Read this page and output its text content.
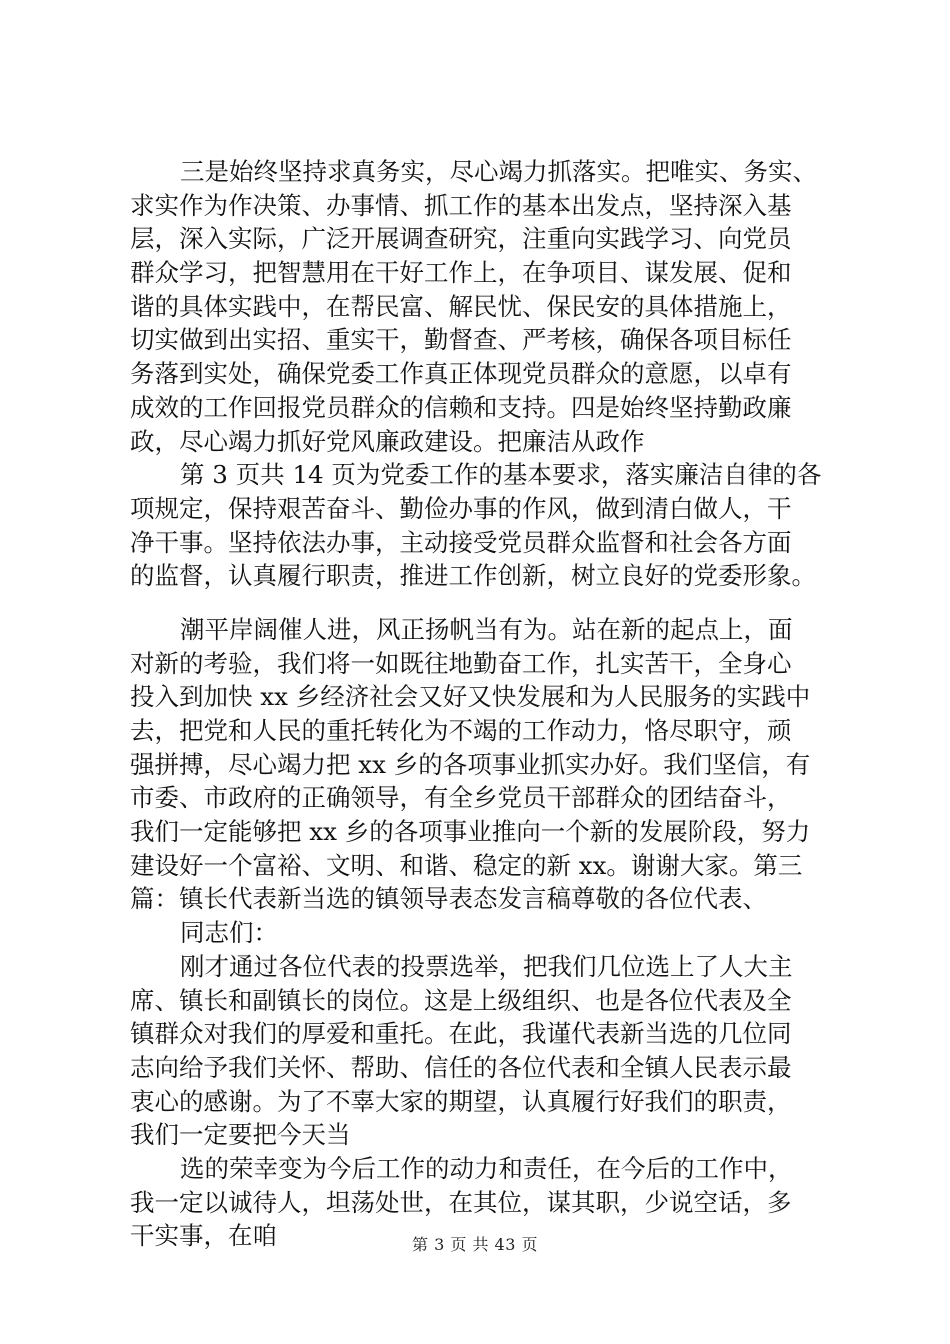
三是始终坚持求真务实，尽心竭力抓落实。把唯实、务实、
求实作为作决策、办事情、抓工作的基本出发点，坚持深入基
层，深入实际，广泛开展调查研究，注重向实践学习、向党员
群众学习，把智慧用在干好工作上，在争项目、谋发展、促和
谐的具体实践中，在帮民富、解民忧、保民安的具体措施上，
切实做到出实招、重实干，勤督查、严考核，确保各项目标任
务落到实处，确保党委工作真正体现党员群众的意愿，以卓有
成效的工作回报党员群众的信赖和支持。四是始终坚持勤政廉
政，尽心竭力抓好党风廉政建设。把廉洁从政作
第 3 页共 14 页为党委工作的基本要求，落实廉洁自律的各
项规定，保持艰苦奋斗、勤俭办事的作风，做到清白做人，干
净干事。坚持依法办事，主动接受党员群众监督和社会各方面
的监督，认真履行职责，推进工作创新，树立良好的党委形象。
潮平岸阔催人进，风正扬帆当有为。站在新的起点上，面
对新的考验，我们将一如既往地勤奋工作，扎实苦干，全身心
投入到加快 xx 乡经济社会又好又快发展和为人民服务的实践中
去，把党和人民的重托转化为不竭的工作动力，恪尽职守，顽
强拼搏，尽心竭力把 xx 乡的各项事业抓实办好。我们坚信，有
市委、市政府的正确领导，有全乡党员干部群众的团结奋斗，
我们一定能够把 xx 乡的各项事业推向一个新的发展阶段，努力
建设好一个富裕、文明、和谐、稳定的新 xx。谢谢大家。第三
篇：镇长代表新当选的镇领导表态发言稿尊敬的各位代表、
同志们：
刚才通过各位代表的投票选举，把我们几位选上了人大主
席、镇长和副镇长的岗位。这是上级组织、也是各位代表及全
镇群众对我们的厚爱和重托。在此，我谨代表新当选的几位同
志向给予我们关怀、帮助、信任的各位代表和全镇人民表示最
衷心的感谢。为了不辜大家的期望，认真履行好我们的职责，
我们一定要把今天当
选的荣幸变为今后工作的动力和责任，在今后的工作中，
我一定以诚待人，坦荡处世，在其位，谋其职，少说空话，多
干实事，在咱	第 3 页 共 43 页
